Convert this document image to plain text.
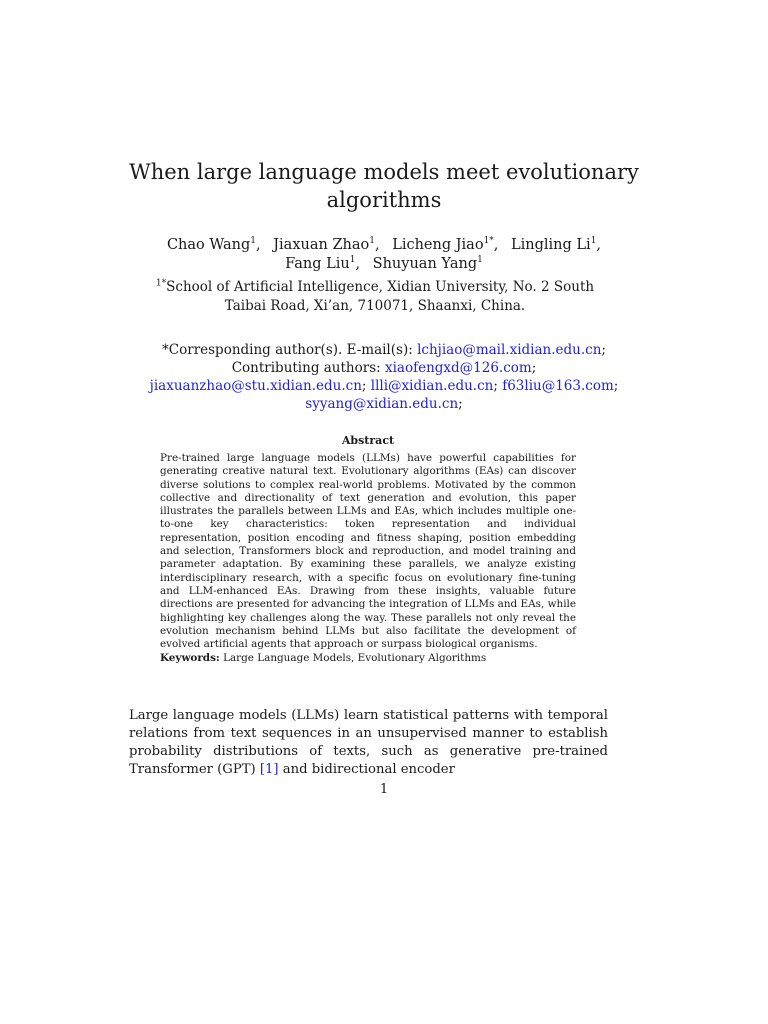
When large language models meet evolutionary algorithms
Chao Wang$^1$, Jiaxuan Zhao$^1$, Licheng Jiao$^{1*}$, Lingling Li$^1$,
Fang Liu$^1$, Shuyuan Yang$^1$
$^{1*}$School of Artificial Intelligence, Xidian University, No. 2 South Taibai Road, Xi’an, 710071, Shaanxi, China.
*Corresponding author(s). E-mail(s): lchjiao@mail.xidian.edu.cn;
Contributing authors: xiaofengxd@126.com;
jiaxuanzhao@stu.xidian.edu.cn; llli@xidian.edu.cn; f63liu@163.com;
syyang@xidian.edu.cn;
Abstract

Pre-trained large language models (LLMs) have powerful capabilities for generating creative natural text. Evolutionary algorithms (EAs) can discover diverse solutions to complex real-world problems. Motivated by the common collective and directionality of text generation and evolution, this paper illustrates the parallels between LLMs and EAs, which includes multiple one-to-one key characteristics: token representation and individual representation, position encoding and fitness shaping, position embedding and selection, Transformers block and reproduction, and model training and parameter adaptation. By examining these parallels, we analyze existing interdisciplinary research, with a specific focus on evolutionary fine-tuning and LLM-enhanced EAs. Drawing from these insights, valuable future directions are presented for advancing the integration of LLMs and EAs, while highlighting key challenges along the way. These parallels not only reveal the evolution mechanism behind LLMs but also facilitate the development of evolved artificial agents that approach or surpass biological organisms.

Keywords: Large Language Models, Evolutionary Algorithms

Large language models (LLMs) learn statistical patterns with temporal relations from text sequences in an unsupervised manner to establish probability distributions of texts, such as generative pre-trained Transformer (GPT) [1] and bidirectional encoder

1
